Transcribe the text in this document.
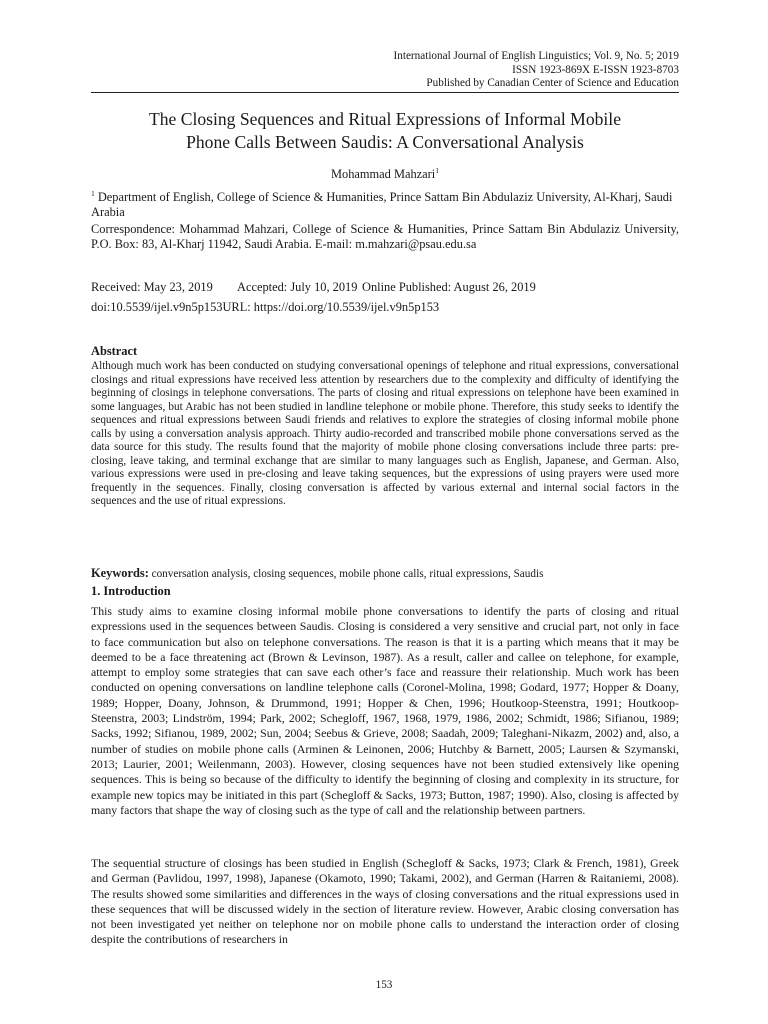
International Journal of English Linguistics; Vol. 9, No. 5; 2019
ISSN 1923-869X E-ISSN 1923-8703
Published by Canadian Center of Science and Education
The Closing Sequences and Ritual Expressions of Informal Mobile
Phone Calls Between Saudis: A Conversational Analysis
Mohammad Mahzari$^1$
$^1$ Department of English, College of Science & Humanities, Prince Sattam Bin Abdulaziz University, Al-Kharj, Saudi Arabia
Correspondence: Mohammad Mahzari, College of Science & Humanities, Prince Sattam Bin Abdulaziz University, P.O. Box: 83, Al-Kharj 11942, Saudi Arabia. E-mail: m.mahzari@psau.edu.sa
Received: May 23, 2019 Accepted: July 10, 2019 Online Published: August 26, 2019
doi:10.5539/ijel.v9n5p153URL: https://doi.org/10.5539/ijel.v9n5p153
Abstract
Although much work has been conducted on studying conversational openings of telephone and ritual expressions, conversational closings and ritual expressions have received less attention by researchers due to the complexity and difficulty of identifying the beginning of closings in telephone conversations. The parts of closing and ritual expressions on telephone have been examined in some languages, but Arabic has not been studied in landline telephone or mobile phone. Therefore, this study seeks to identify the sequences and ritual expressions between Saudi friends and relatives to explore the strategies of closing informal mobile phone calls by using a conversation analysis approach. Thirty audio-recorded and transcribed mobile phone conversations served as the data source for this study. The results found that the majority of mobile phone closing conversations include three parts: pre-closing, leave taking, and terminal exchange that are similar to many languages such as English, Japanese, and German. Also, various expressions were used in pre-closing and leave taking sequences, but the expressions of using prayers were used more frequently in the sequences. Finally, closing conversation is affected by various external and internal social factors in the sequences and the use of ritual expressions.
Keywords: conversation analysis, closing sequences, mobile phone calls, ritual expressions, Saudis
1. Introduction
This study aims to examine closing informal mobile phone conversations to identify the parts of closing and ritual expressions used in the sequences between Saudis. Closing is considered a very sensitive and crucial part, not only in face to face communication but also on telephone conversations. The reason is that it is a parting which means that it may be deemed to be a face threatening act (Brown & Levinson, 1987). As a result, caller and callee on telephone, for example, attempt to employ some strategies that can save each other’s face and reassure their relationship. Much work has been conducted on opening conversations on landline telephone calls (Coronel-Molina, 1998; Godard, 1977; Hopper & Doany, 1989; Hopper, Doany, Johnson, & Drummond, 1991; Hopper & Chen, 1996; Houtkoop-Steenstra, 1991; Houtkoop-Steenstra, 2003; Lindström, 1994; Park, 2002; Schegloff, 1967, 1968, 1979, 1986, 2002; Schmidt, 1986; Sifianou, 1989; Sacks, 1992; Sifianou, 1989, 2002; Sun, 2004; Seebus & Grieve, 2008; Saadah, 2009; Taleghani-Nikazm, 2002) and, also, a number of studies on mobile phone calls (Arminen & Leinonen, 2006; Hutchby & Barnett, 2005; Laursen & Szymanski, 2013; Laurier, 2001; Weilenmann, 2003). However, closing sequences have not been studied extensively like opening sequences. This is being so because of the difficulty to identify the beginning of closing and complexity in its structure, for example new topics may be initiated in this part (Schegloff & Sacks, 1973; Button, 1987; 1990). Also, closing is affected by many factors that shape the way of closing such as the type of call and the relationship between partners.
The sequential structure of closings has been studied in English (Schegloff & Sacks, 1973; Clark & French, 1981), Greek and German (Pavlidou, 1997, 1998), Japanese (Okamoto, 1990; Takami, 2002), and German (Harren & Raitaniemi, 2008). The results showed some similarities and differences in the ways of closing conversations and the ritual expressions used in these sequences that will be discussed widely in the section of literature review. However, Arabic closing conversation has not been investigated yet neither on telephone nor on mobile phone calls to understand the interaction order of closing despite the contributions of researchers in
153
